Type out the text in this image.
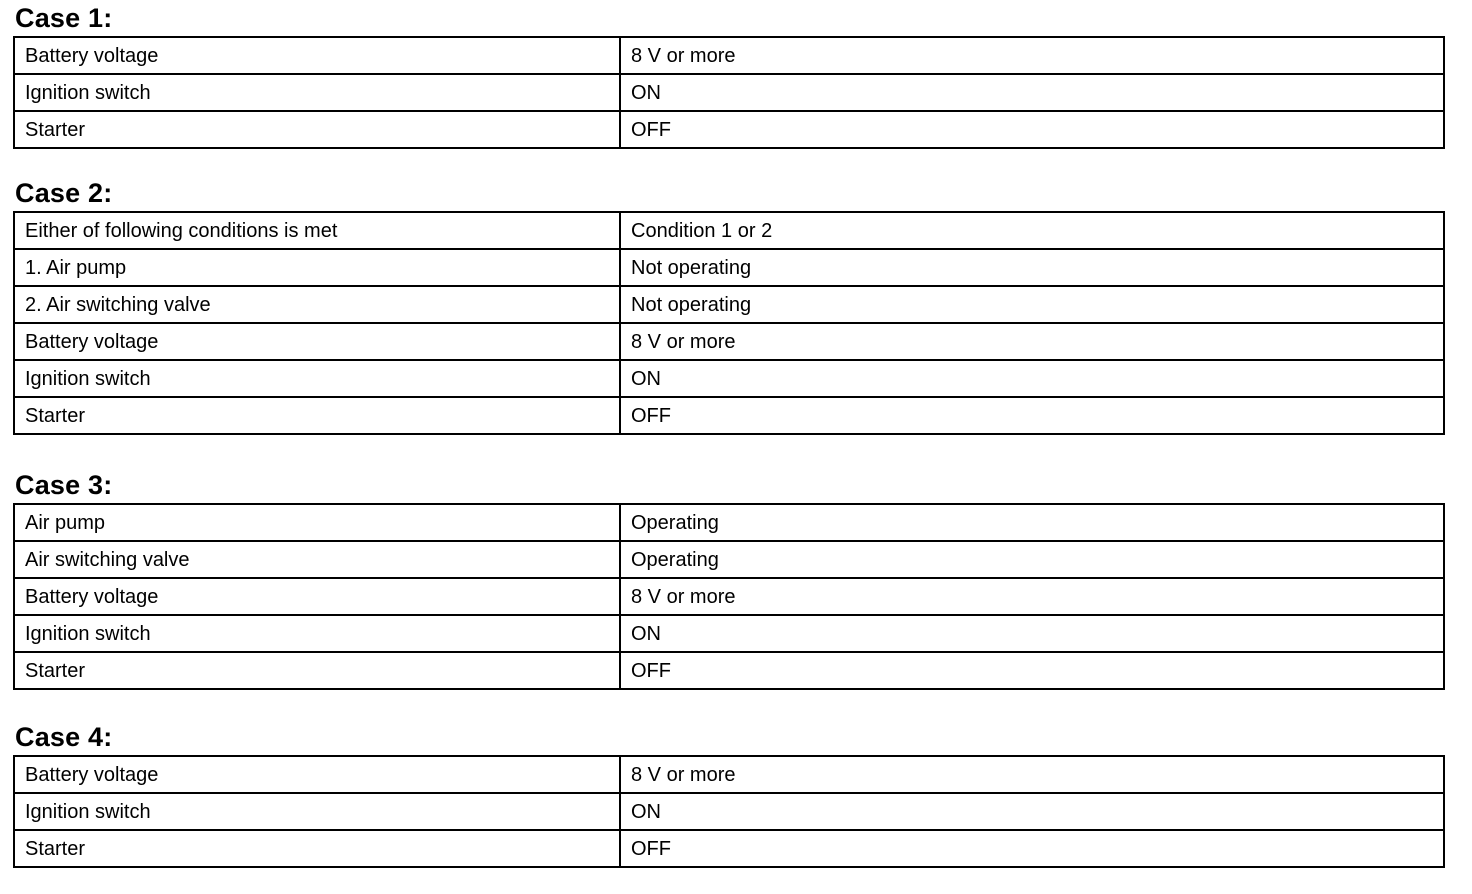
Case 1:
Battery voltage	8 V or more
Ignition switch	ON
Starter	OFF
Case 2:
Either of following conditions is met	Condition 1 or 2
1. Air pump	Not operating
2. Air switching valve	Not operating
Battery voltage	8 V or more
Ignition switch	ON
Starter	OFF
Case 3:
Air pump	Operating
Air switching valve	Operating
Battery voltage	8 V or more
Ignition switch	ON
Starter	OFF
Case 4:
Battery voltage	8 V or more
Ignition switch	ON
Starter	OFF
